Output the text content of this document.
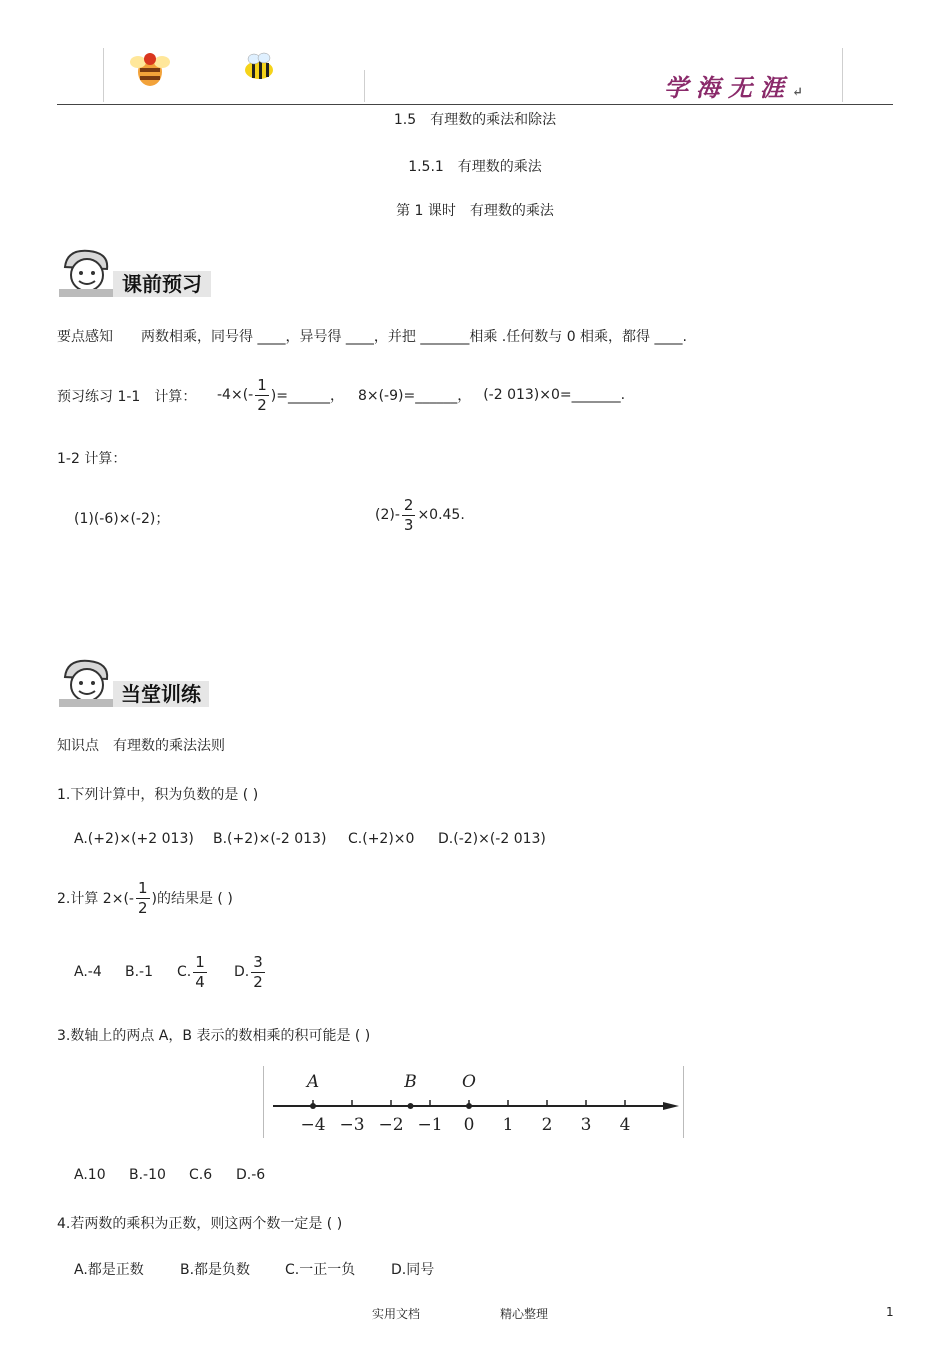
学海无涯↵
1.5　有理数的乘法和除法
1.5.1　有理数的乘法
第 1 课时　有理数的乘法
课前预习
要点感知 两数相乘，同号得 ____，异号得 ____，并把 _______相乘 .任何数与 0 相乘，都得 ____.
预习练习 1-1　计算： $-4\times(- \frac{1}{2}$ )=______， 8×(-9)=______， (-2 013)×0=_______.
1-2 计算：
(1)(-6)×(-2)；	$(2)- \frac{2}{3} \times 0.45$.
当堂训练
知识点　有理数的乘法法则
1.下列计算中，积为负数的是 ( )
A.(+2)×(+2 013) B.(+2)×(-2 013) C.(+2)×0 D.(-2)×(-2 013)
2.计算 $2\times(- \frac{1}{2}$ )的结果是 ( )
A.-4 B.-1 C. $\frac{1}{4} D$. $\frac{3}{2}$
3.数轴上的两点 A，B 表示的数相乘的积可能是 ( )
−4 −3 −2 −1 0 1 2 3 4
A	B	O
A.10 B.-10 C.6 D.-6
4.若两数的乘积为正数，则这两个数一定是 ( )
A.都是正数	B.都是负数 C.一正一负	D.同号
实用文档	精心整理	1
